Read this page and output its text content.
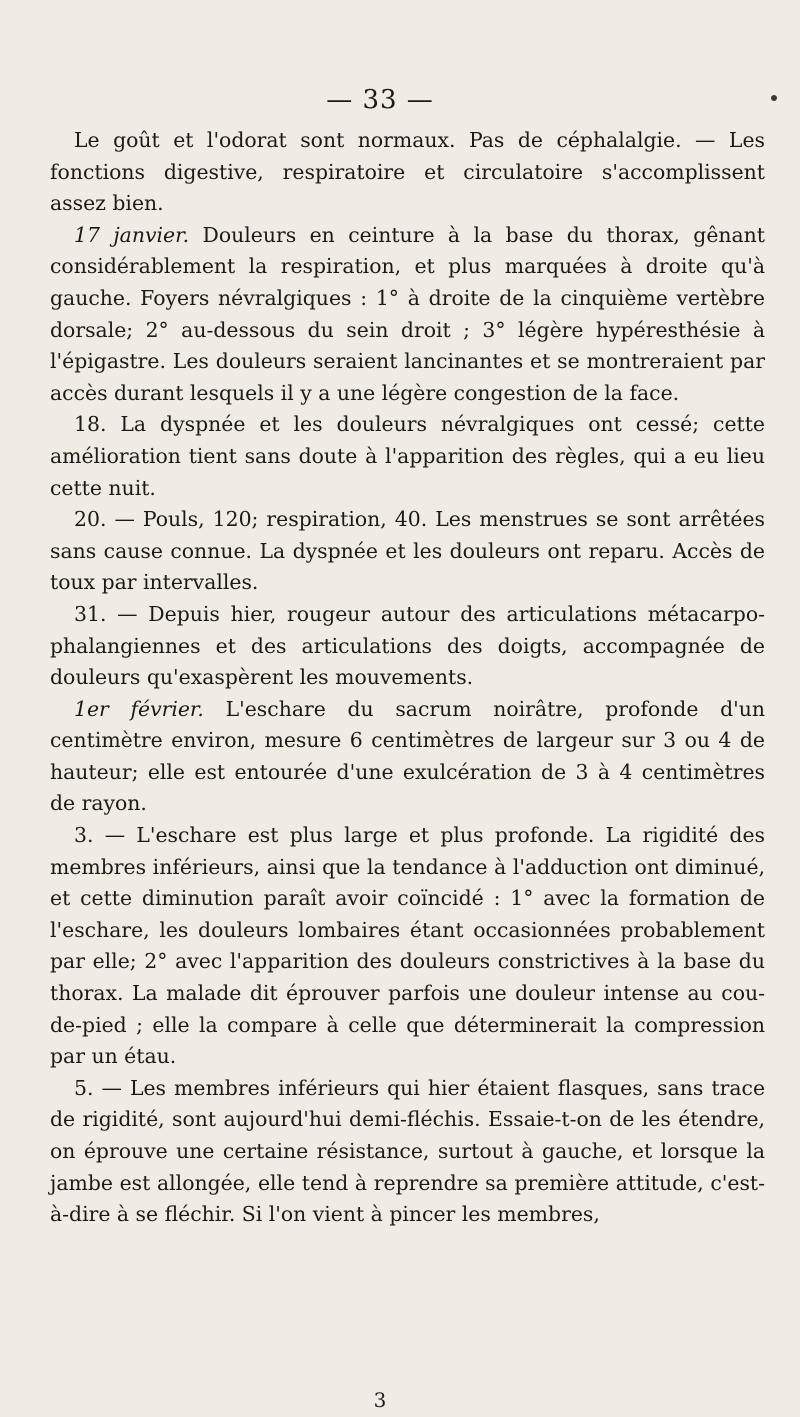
— 33 —

Le goût et l'odorat sont normaux. Pas de céphalalgie. — Les fonctions digestive, respiratoire et circulatoire s'accomplissent assez bien.

17 janvier. Douleurs en ceinture à la base du thorax, gênant considérablement la respiration, et plus marquées à droite qu'à gauche. Foyers névralgiques : 1° à droite de la cinquième vertèbre dorsale; 2° au-dessous du sein droit ; 3° légère hypéresthésie à l'épigastre. Les douleurs seraient lancinantes et se montreraient par accès durant lesquels il y a une légère congestion de la face.

18. La dyspnée et les douleurs névralgiques ont cessé; cette amélioration tient sans doute à l'apparition des règles, qui a eu lieu cette nuit.

20. — Pouls, 120; respiration, 40. Les menstrues se sont arrêtées sans cause connue. La dyspnée et les douleurs ont reparu. Accès de toux par intervalles.

31. — Depuis hier, rougeur autour des articulations métacarpo-phalangiennes et des articulations des doigts, accompagnée de douleurs qu'exaspèrent les mouvements.

1er février. L'eschare du sacrum noirâtre, profonde d'un centimètre environ, mesure 6 centimètres de largeur sur 3 ou 4 de hauteur; elle est entourée d'une exulcération de 3 à 4 centimètres de rayon.

3. — L'eschare est plus large et plus profonde. La rigidité des membres inférieurs, ainsi que la tendance à l'adduction ont diminué, et cette diminution paraît avoir coïncidé : 1° avec la formation de l'eschare, les douleurs lombaires étant occasionnées probablement par elle; 2° avec l'apparition des douleurs constrictives à la base du thorax. La malade dit éprouver parfois une douleur intense au cou-de-pied ; elle la compare à celle que déterminerait la compression par un étau.

5. — Les membres inférieurs qui hier étaient flasques, sans trace de rigidité, sont aujourd'hui demi-fléchis. Essaie-t-on de les étendre, on éprouve une certaine résistance, surtout à gauche, et lorsque la jambe est allongée, elle tend à reprendre sa première attitude, c'est-à-dire à se fléchir. Si l'on vient à pincer les membres,

3
